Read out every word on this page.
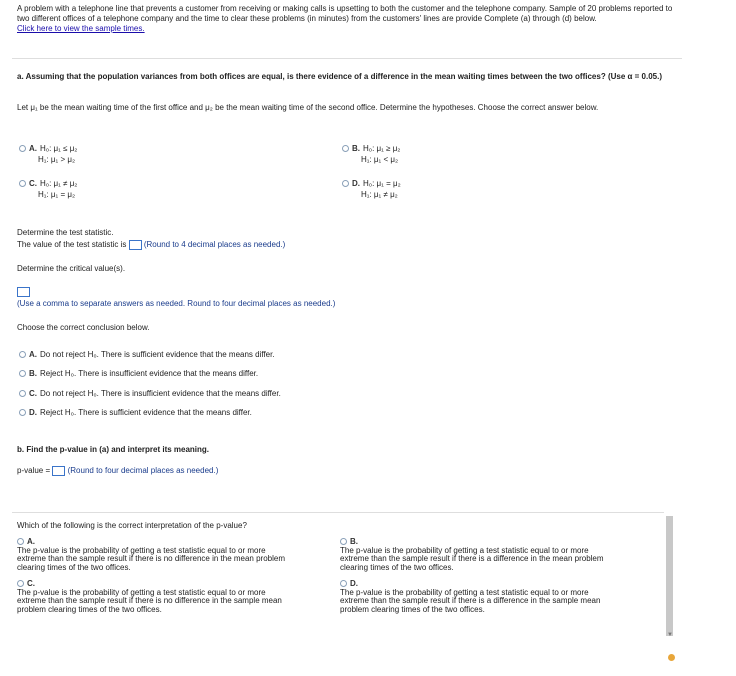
A problem with a telephone line that prevents a customer from receiving or making calls is upsetting to both the customer and the telephone company. Sample of 20 problems reported to two different offices of a telephone company and the time to clear these problems (in minutes) from the customers' lines are provide Complete (a) through (d) below.
Click here to view the sample times.
a. Assuming that the population variances from both offices are equal, is there evidence of a difference in the mean waiting times between the two offices? (Use α = 0.05.)
Let μ₁ be the mean waiting time of the first office and μ₂ be the mean waiting time of the second office. Determine the hypotheses. Choose the correct answer below.
A. H₀: μ₁ ≤ μ₂
H₁: μ₁ > μ₂
B. H₀: μ₁ ≥ μ₂
H₁: μ₁ < μ₂
C. H₀: μ₁ ≠ μ₂
H₁: μ₁ = μ₂
D. H₀: μ₁ = μ₂
H₁: μ₁ ≠ μ₂
Determine the test statistic.
The value of the test statistic is (Round to 4 decimal places as needed.)
Determine the critical value(s).
(Use a comma to separate answers as needed. Round to four decimal places as needed.)
Choose the correct conclusion below.
A. Do not reject H₀. There is sufficient evidence that the means differ.
B. Reject H₀. There is insufficient evidence that the means differ.
C. Do not reject H₀. There is insufficient evidence that the means differ.
D. Reject H₀. There is sufficient evidence that the means differ.
b. Find the p-value in (a) and interpret its meaning.
p-value = (Round to four decimal places as needed.)
Which of the following is the correct interpretation of the p-value?
A.The p-value is the probability of getting a test statistic equal to or more extreme than the sample result if there is no difference in the mean problem clearing times of the two offices.
B.The p-value is the probability of getting a test statistic equal to or more extreme than the sample result if there is a difference in the mean problem clearing times of the two offices.
C.The p-value is the probability of getting a test statistic equal to or more extreme than the sample result if there is no difference in the sample mean problem clearing times of the two offices.
D.The p-value is the probability of getting a test statistic equal to or more extreme than the sample result if there is a difference in the sample mean problem clearing times of the two offices.
▼
